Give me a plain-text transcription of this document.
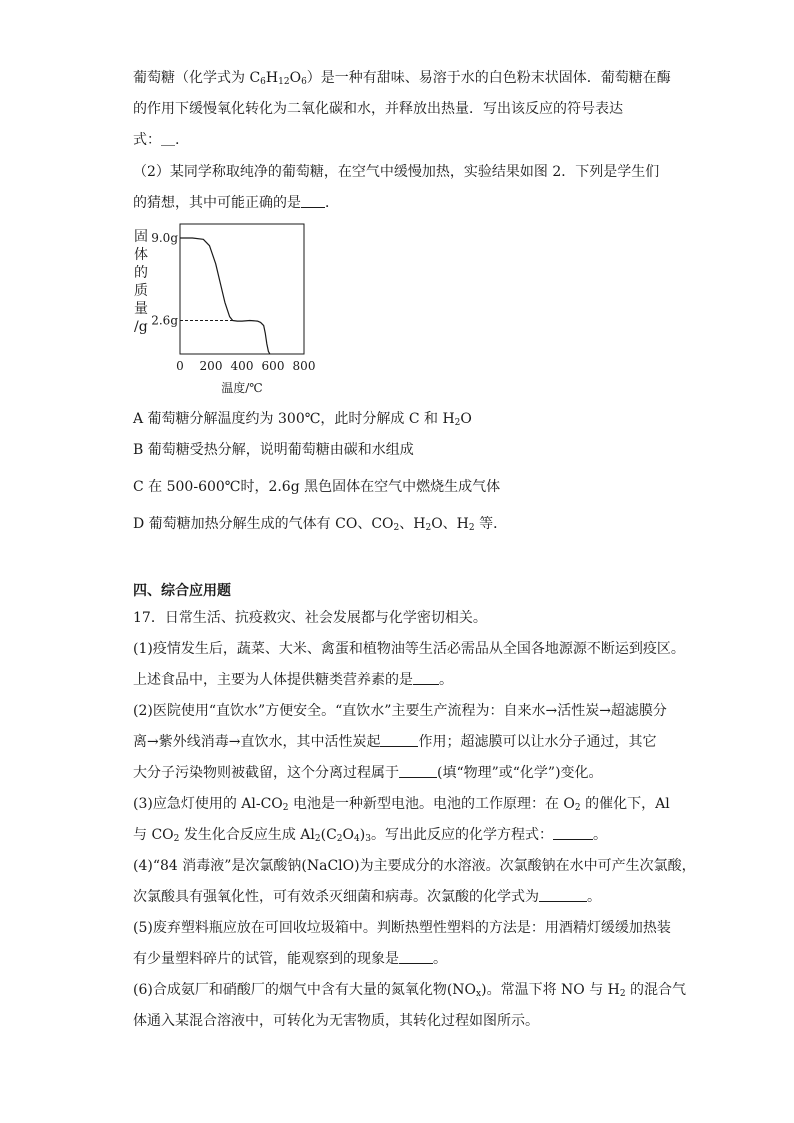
葡萄糖（化学式为 $C_6H_{12}O_6$）是一种有甜味、易溶于水的白色粉末状固体．葡萄糖在酶
的作用下缓慢氧化转化为二氧化碳和水，并释放出热量．写出该反应的符号表达
式：＿.
（2）某同学称取纯净的葡萄糖，在空气中缓慢加热，实验结果如图 2．下列是学生们
的猜想，其中可能正确的是 ．
固
体
的
质
量
/g
9.0g
2.6g
0 200 400 600 800
温度/℃
A 葡萄糖分解温度约为 300℃，此时分解成 C 和 $H_2O$
B 葡萄糖受热分解，说明葡萄糖由碳和水组成
C 在 500-600℃时，2.6g 黑色固体在空气中燃烧生成气体
D 葡萄糖加热分解生成的气体有 CO、$CO_2$、$H_2O$、$H_2$ 等．
四、综合应用题
17．日常生活、抗疫救灾、社会发展都与化学密切相关。
(1)疫情发生后，蔬菜、大米、禽蛋和植物油等生活必需品从全国各地源源不断运到疫区。
上述食品中，主要为人体提供糖类营养素的是 。
(2)医院使用“直饮水”方便安全。“直饮水”主要生产流程为：自来水→活性炭→超滤膜分
离→紫外线消毒→直饮水，其中活性炭起	作用；超滤膜可以让水分子通过，其它
大分子污染物则被截留，这个分离过程属于	(填“物理”或“化学”)变化。
(3)应急灯使用的 $Al-CO_2$ 电池是一种新型电池。电池的工作原理：在 $O_2$ 的催化下，Al
与 $CO_2$ 发生化合反应生成 $Al_2(C_2O_4)_3$。写出此反应的化学方程式：	。
(4)“84 消毒液”是次氯酸钠(NaClO)为主要成分的水溶液。次氯酸钠在水中可产生次氯酸，
次氯酸具有强氧化性，可有效杀灭细菌和病毒。次氯酸的化学式为	。
(5)废弃塑料瓶应放在可回收垃圾箱中。判断热塑性塑料的方法是：用酒精灯缓缓加热装
有少量塑料碎片的试管，能观察到的现象是 。
(6)合成氨厂和硝酸厂的烟气中含有大量的氮氧化物$(NO_x)$。常温下将 NO 与 $H_2$ 的混合气
体通入某混合溶液中，可转化为无害物质，其转化过程如图所示。
